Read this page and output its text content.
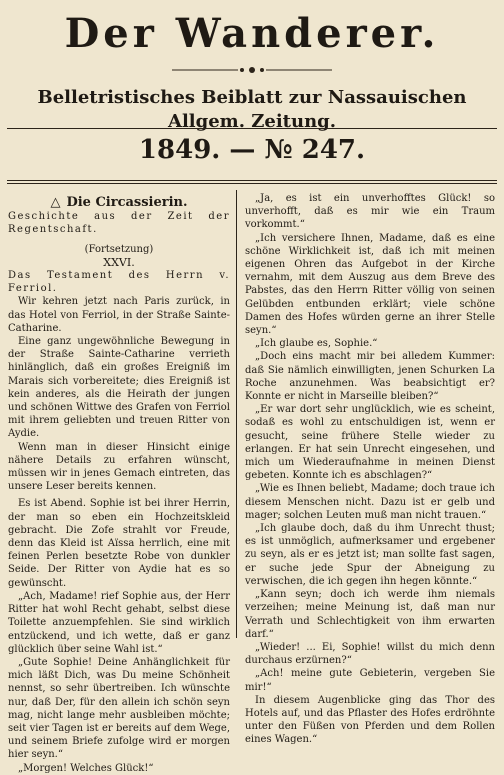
Der Wanderer.
Belletristisches Beiblatt zur Nassauischen Allgem. Zeitung.
1849. — № 247.

△ Die Circassierin.

Geschichte aus der Zeit der Regentschaft.

(Fortsetzung)

XXVI.

Das Testament des Herrn v. Ferriol.

Wir kehren jetzt nach Paris zurück, in das Hotel von Ferriol, in der Straße Sainte-Catharine.

Eine ganz ungewöhnliche Bewegung in der Straße Sainte-Catharine verrieth hinlänglich, daß ein großes Ereigniß im Marais sich vorbereitete; dies Ereigniß ist kein anderes, als die Heirath der jungen und schönen Wittwe des Grafen von Ferriol mit ihrem geliebten und treuen Ritter von Aydie.

Wenn man in dieser Hinsicht einige nähere Details zu erfahren wünscht, müssen wir in jenes Gemach eintreten, das unsere Leser bereits kennen.

Es ist Abend. Sophie ist bei ihrer Herrin, der man so eben ein Hochzeitskleid gebracht. Die Zofe strahlt vor Freude, denn das Kleid ist Aïssa herrlich, eine mit feinen Perlen besetzte Robe von dunkler Seide. Der Ritter von Aydie hat es so gewünscht.

„Ach, Madame! rief Sophie aus, der Herr Ritter hat wohl Recht gehabt, selbst diese Toilette anzuempfehlen. Sie sind wirklich entzückend, und ich wette, daß er ganz glücklich über seine Wahl ist.“

„Gute Sophie! Deine Anhänglichkeit für mich läßt Dich, was Du meine Schönheit nennst, so sehr übertreiben. Ich wünschte nur, daß Der, für den allein ich schön seyn mag, nicht lange mehr ausbleiben möchte; seit vier Tagen ist er bereits auf dem Wege, und seinem Briefe zufolge wird er morgen hier seyn.“

„Morgen! Welches Glück!“

„Ja, es ist ein unverhofftes Glück! so unverhofft, daß es mir wie ein Traum vorkommt.“

„Ich versichere Ihnen, Madame, daß es eine schöne Wirklichkeit ist, daß ich mit meinen eigenen Ohren das Aufgebot in der Kirche vernahm, mit dem Auszug aus dem Breve des Pabstes, das den Herrn Ritter völlig von seinen Gelübden entbunden erklärt; viele schöne Damen des Hofes würden gerne an ihrer Stelle seyn.“

„Ich glaube es, Sophie.“

„Doch eins macht mir bei alledem Kummer: daß Sie nämlich einwilligten, jenen Schurken La Roche anzunehmen. Was beabsichtigt er? Konnte er nicht in Marseille bleiben?“

„Er war dort sehr unglücklich, wie es scheint, sodaß es wohl zu entschuldigen ist, wenn er gesucht, seine frühere Stelle wieder zu erlangen. Er hat sein Unrecht eingesehen, und mich um Wiederaufnahme in meinen Dienst gebeten. Konnte ich es abschlagen?“

„Wie es Ihnen beliebt, Madame; doch traue ich diesem Menschen nicht. Dazu ist er gelb und mager; solchen Leuten muß man nicht trauen.“

„Ich glaube doch, daß du ihm Unrecht thust; es ist unmöglich, aufmerksamer und ergebener zu seyn, als er es jetzt ist; man sollte fast sagen, er suche jede Spur der Abneigung zu verwischen, die ich gegen ihn hegen könnte.“

„Kann seyn; doch ich werde ihm niemals verzeihen; meine Meinung ist, daß man nur Verrath und Schlechtigkeit von ihm erwarten darf.“

„Wieder! ... Ei, Sophie! willst du mich denn durchaus erzürnen?“

„Ach! meine gute Gebieterin, vergeben Sie mir!“

In diesem Augenblicke ging das Thor des Hotels auf, und das Pflaster des Hofes erdröhnte unter den Füßen von Pferden und dem Rollen eines Wagen.“
